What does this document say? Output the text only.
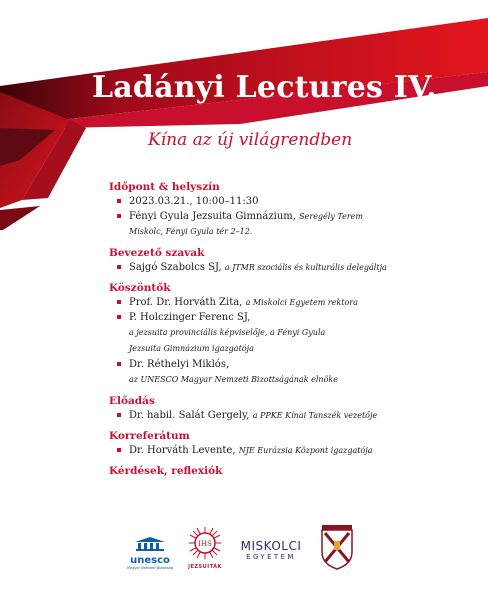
Ladányi Lectures IV.
Kína az új világrendben
Időpont & helyszín
2023.03.21., 10:00–11:30
Fényi Gyula Jezsuita Gimnázium, Seregély Terem
Miskolc, Fényi Gyula tér 2–12.
Bevezető szavak
Sajgó Szabolcs SJ, a JTMR szociális és kulturális delegáltja
Köszöntők
Prof. Dr. Horváth Zita, a Miskolci Egyetem rektora
P. Holczinger Ferenc SJ,
a jezsuita provinciális képviselője, a Fényi Gyula
Jezsuita Gimnázium igazgatója
Dr. Réthelyi Miklós,
az UNESCO Magyar Nemzeti Bizottságának elnöke
Előadás
Dr. habil. Salát Gergely, a PPKE Kínai Tanszék vezetője
Korreferátum
Dr. Horváth Levente, NJE Eurázsia Központ igazgatója
Kérdések, reflexiók
unesco
Magyar Nemzeti Bizottság
IHS
JEZSUITÁK
MISKOLCI
EGYETEM
